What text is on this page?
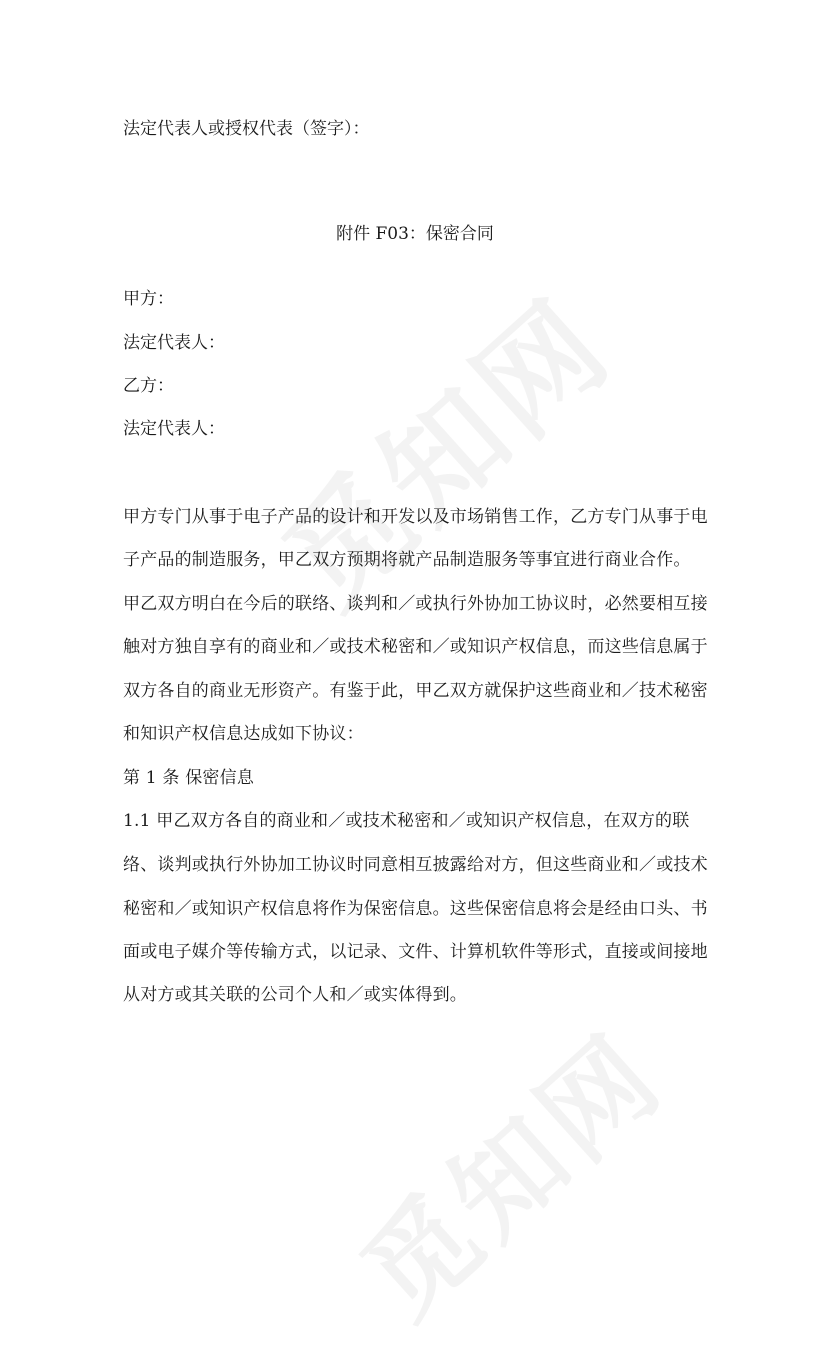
法定代表人或授权代表（签字）：
附件 F03：保密合同
甲方：
法定代表人：
乙方：
法定代表人：
甲方专门从事于电子产品的设计和开发以及市场销售工作，乙方专门从事于电
子产品的制造服务，甲乙双方预期将就产品制造服务等事宜进行商业合作。
甲乙双方明白在今后的联络、谈判和／或执行外协加工协议时，必然要相互接
触对方独自享有的商业和／或技术秘密和／或知识产权信息，而这些信息属于
双方各自的商业无形资产。有鉴于此，甲乙双方就保护这些商业和／技术秘密
和知识产权信息达成如下协议：
第 1 条 保密信息
1.1 甲乙双方各自的商业和／或技术秘密和／或知识产权信息，在双方的联
络、谈判或执行外协加工协议时同意相互披露给对方，但这些商业和／或技术
秘密和／或知识产权信息将作为保密信息。这些保密信息将会是经由口头、书
面或电子媒介等传输方式，以记录、文件、计算机软件等形式，直接或间接地
从对方或其关联的公司个人和／或实体得到。
